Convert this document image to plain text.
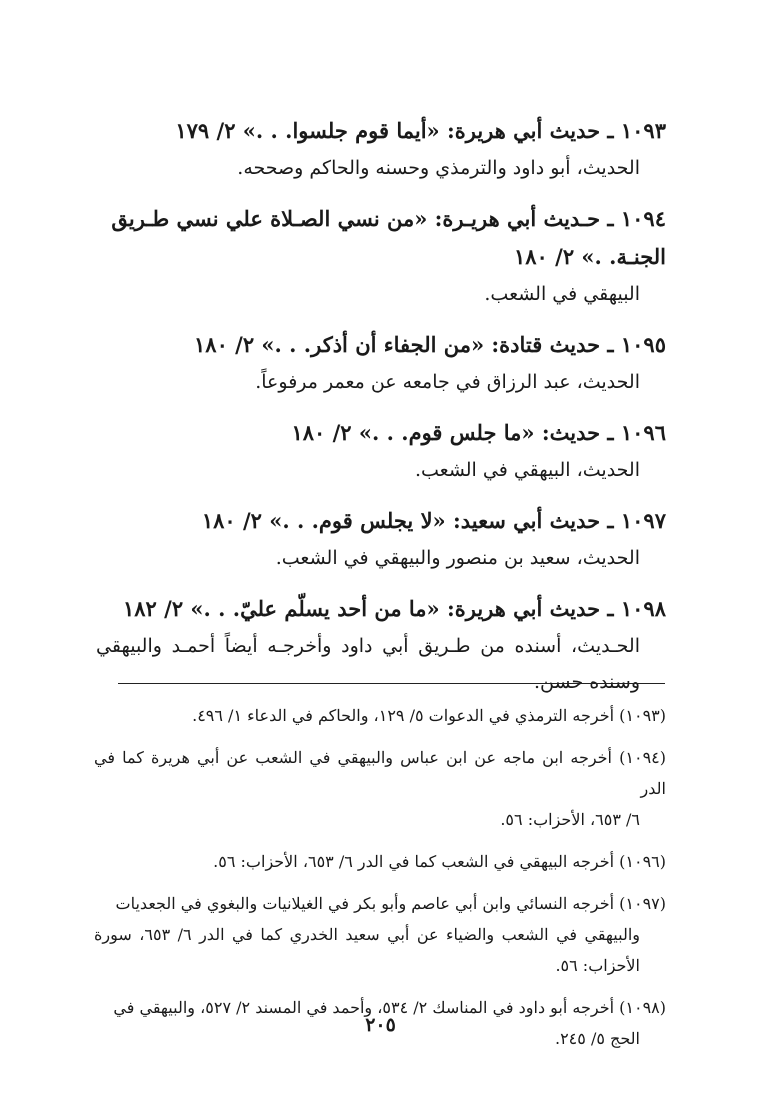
١٠٩٣ ـ حديث أبي هريرة: «أيما قوم جلسوا. . .» ٢/ ١٧٩
الحديث، أبو داود والترمذي وحسنه والحاكم وصححه.
١٠٩٤ ـ حـديث أبي هريـرة: «من نسي الصـلاة علي نسي طـريق الجنـة. .» ٢/ ١٨٠
البيهقي في الشعب.
١٠٩٥ ـ حديث قتادة: «من الجفاء أن أذكر. . .» ٢/ ١٨٠
الحديث، عبد الرزاق في جامعه عن معمر مرفوعاً.
١٠٩٦ ـ حديث: «ما جلس قوم. . .» ٢/ ١٨٠
الحديث، البيهقي في الشعب.
١٠٩٧ ـ حديث أبي سعيد: «لا يجلس قوم. . .» ٢/ ١٨٠
الحديث، سعيد بن منصور والبيهقي في الشعب.
١٠٩٨ ـ حديث أبي هريرة: «ما من أحد يسلّم عليّ. . .» ٢/ ١٨٢
الحـديث، أسنده من طـريق أبي داود وأخرجـه أيضاً أحمـد والبيهقي وسنده حسن.
(١٠٩٣) أخرجه الترمذي في الدعوات ٥/ ١٢٩، والحاكم في الدعاء ١/ ٤٩٦.
(١٠٩٤) أخرجه ابن ماجه عن ابن عباس والبيهقي في الشعب عن أبي هريرة كما في الدر
٦/ ٦٥٣، الأحزاب: ٥٦.
(١٠٩٦) أخرجه البيهقي في الشعب كما في الدر ٦/ ٦٥٣، الأحزاب: ٥٦.
(١٠٩٧) أخرجه النسائي وابن أبي عاصم وأبو بكر في الغيلانيات والبغوي في الجعديات
والبيهقي في الشعب والضياء عن أبي سعيد الخدري كما في الدر ٦/ ٦٥٣، سورة الأحزاب: ٥٦.
(١٠٩٨) أخرجه أبو داود في المناسك ٢/ ٥٣٤، وأحمد في المسند ٢/ ٥٢٧، والبيهقي في
الحج ٥/ ٢٤٥.
٢٠٥
